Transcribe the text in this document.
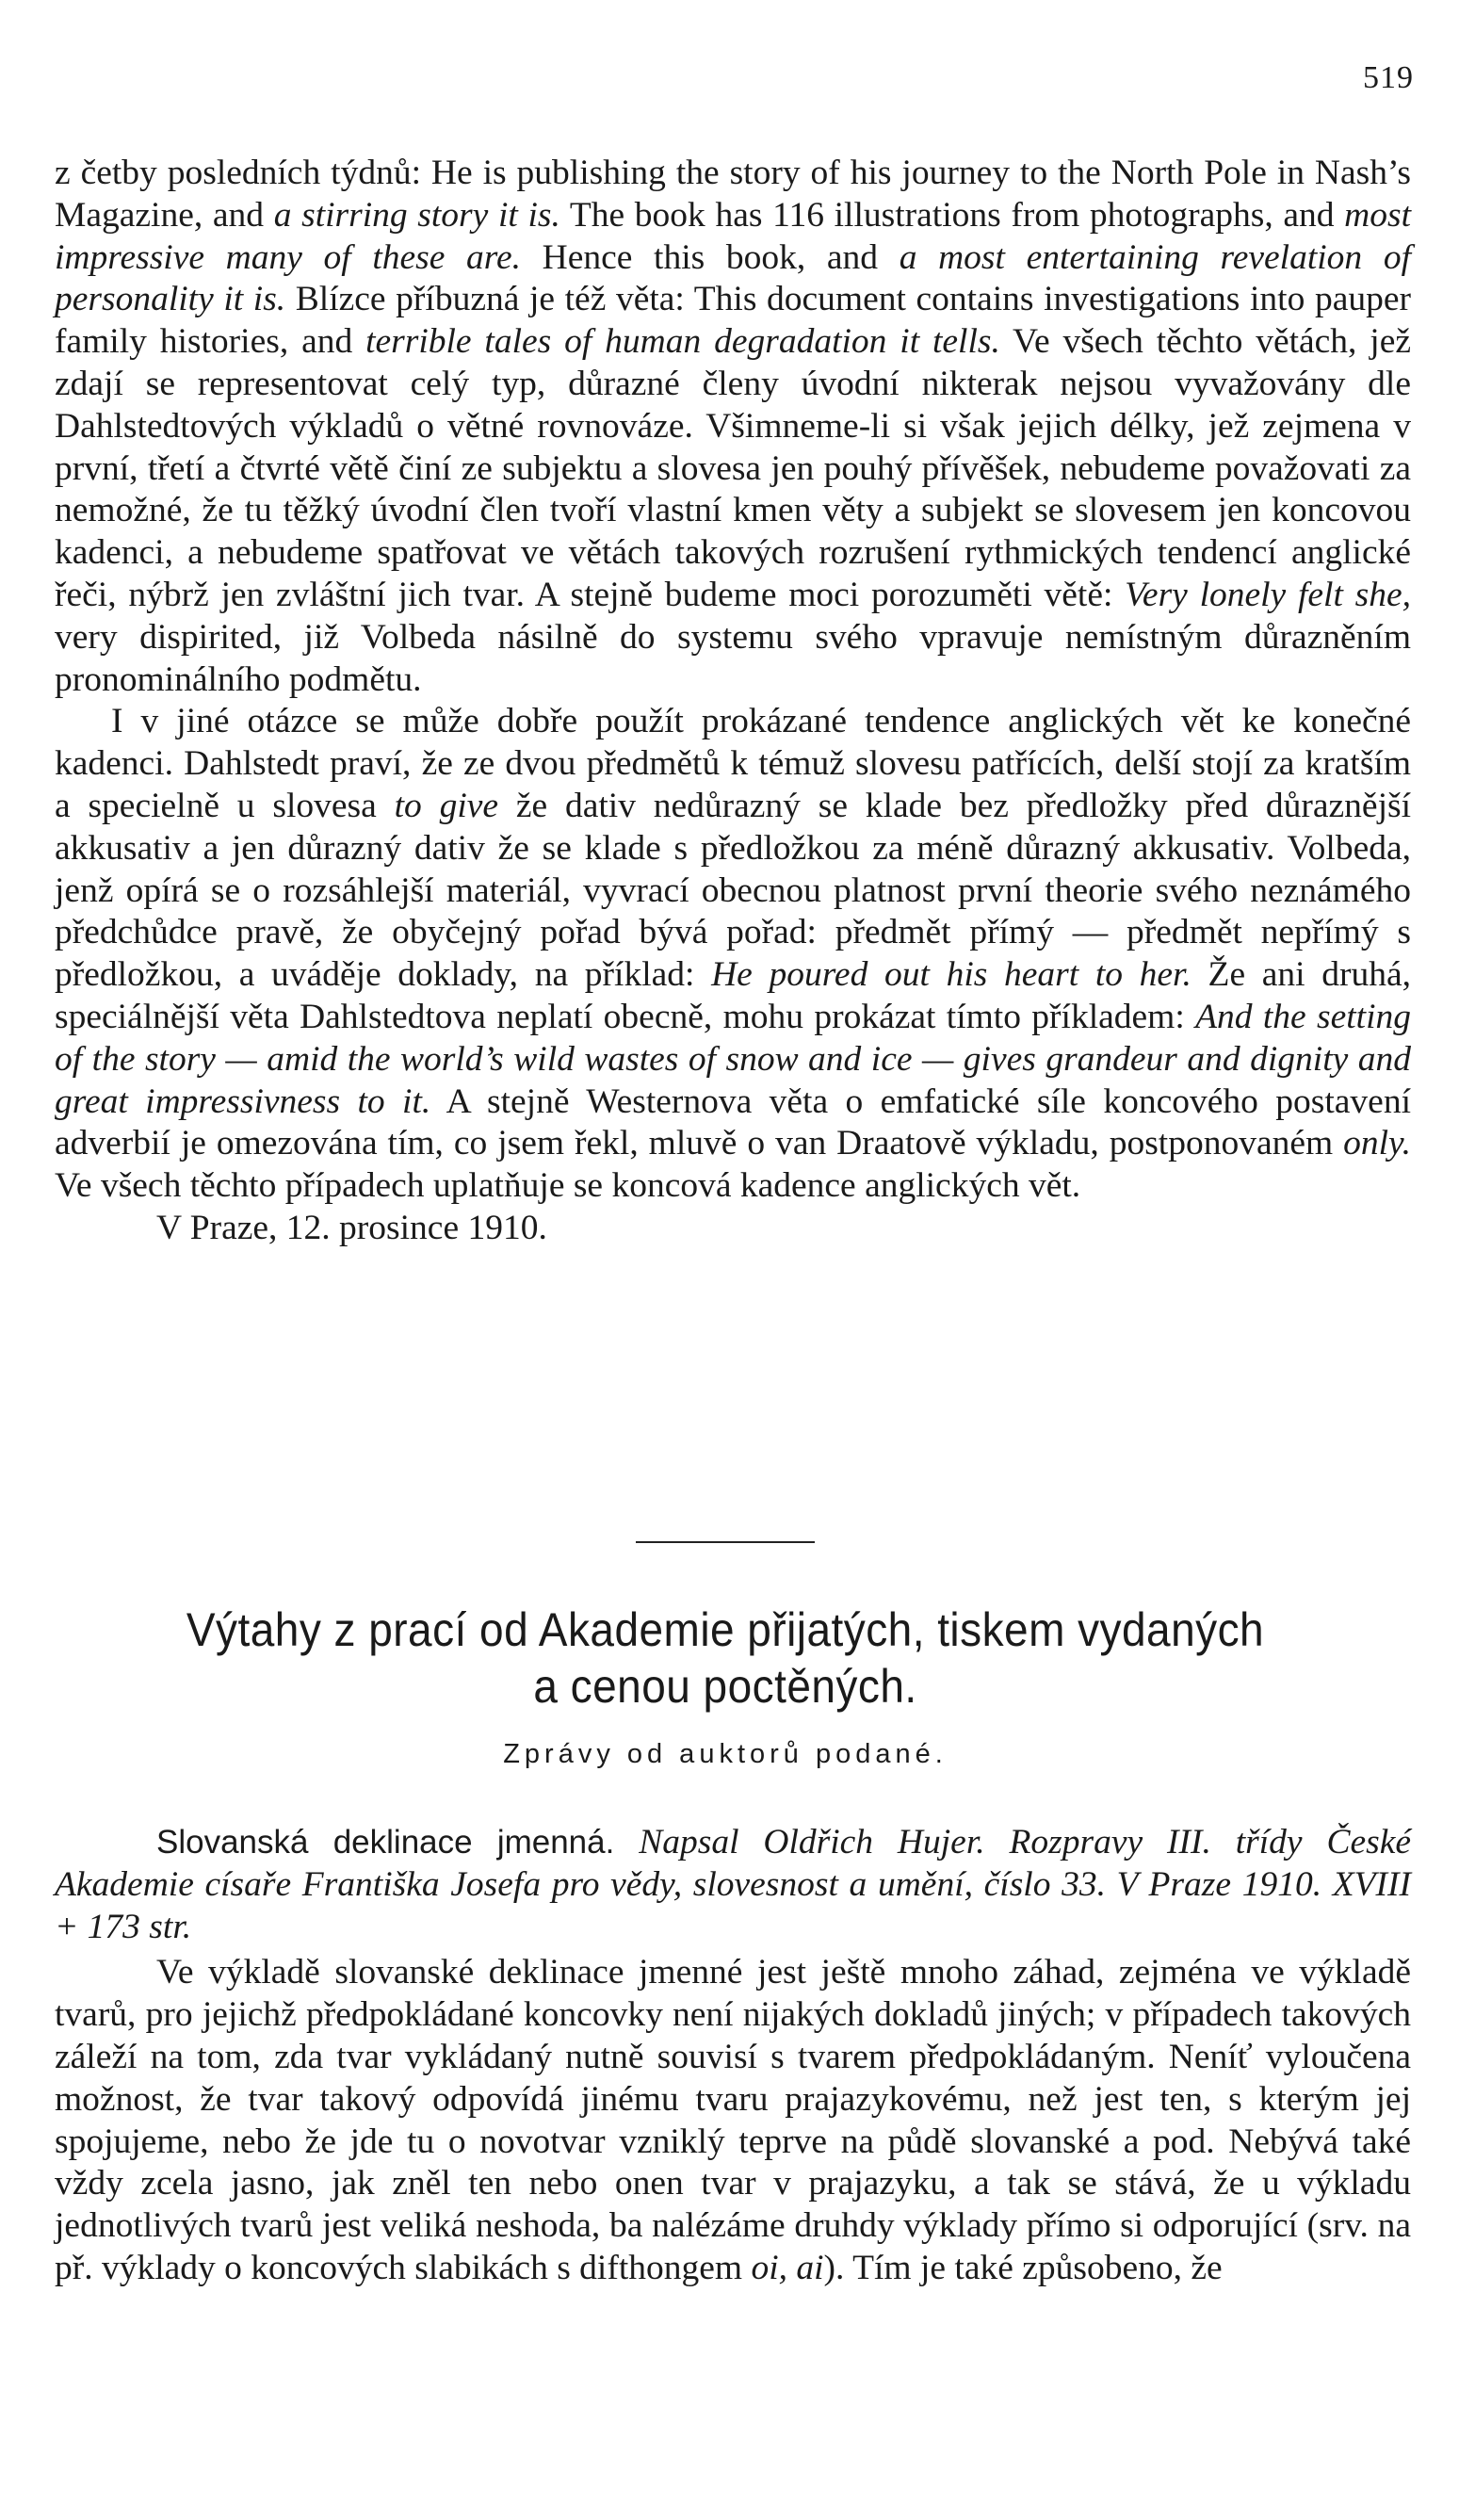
519

z četby posledních týdnů: He is publishing the story of his journey to the North Pole in Nash’s Magazine, and a stirring story it is. The book has 116 illustrations from photographs, and most impressive many of these are. Hence this book, and a most entertaining revelation of personality it is. Blízce příbuzná je též věta: This document contains investigations into pauper family histories, and terrible tales of human degradation it tells. Ve všech těchto větách, jež zdají se representovat celý typ, důrazné členy úvodní nikterak nejsou vyvažovány dle Dahlstedtových výkladů o větné rovnováze. Všimneme-li si však jejich délky, jež zejmena v první, třetí a čtvrté větě činí ze subjektu a slovesa jen pouhý přívěšek, nebudeme považovati za nemožné, že tu těžký úvodní člen tvoří vlastní kmen věty a subjekt se slovesem jen koncovou kadenci, a nebudeme spatřovat ve větách takových rozrušení rythmických tendencí anglické řeči, nýbrž jen zvláštní jich tvar. A stejně budeme moci porozuměti větě: Very lonely felt she, very dispirited, již Volbeda násilně do systemu svého vpravuje nemístným důrazněním pronominálního podmětu.

I v jiné otázce se může dobře použít prokázané tendence anglických vět ke konečné kadenci. Dahlstedt praví, že ze dvou předmětů k témuž slovesu patřících, delší stojí za kratším a specielně u slovesa to give že dativ nedůrazný se klade bez předložky před důraznější akkusativ a jen důrazný dativ že se klade s předložkou za méně důrazný akkusativ. Volbeda, jenž opírá se o rozsáhlejší materiál, vyvrací obecnou platnost první theorie svého neznámého předchůdce pravě, že obyčejný pořad bývá pořad: předmět přímý — předmět nepřímý s předložkou, a uváděje doklady, na příklad: He poured out his heart to her. Že ani druhá, speciálnější věta Dahlstedtova neplatí obecně, mohu prokázat tímto příkladem: And the setting of the story — amid the world’s wild wastes of snow and ice — gives grandeur and dignity and great impressivness to it. A stejně Westernova věta o emfatické síle koncového postavení adverbií je omezována tím, co jsem řekl, mluvě o van Draatově výkladu, postponovaném only. Ve všech těchto případech uplatňuje se koncová kadence anglických vět.

V Praze, 12. prosince 1910.

Výtahy z prací od Akademie přijatých, tiskem vydaných
a cenou poctěných.
Zprávy od auktorů podané.

Slovanská deklinace jmenná. Napsal Oldřich Hujer. Rozpravy III. třídy České Akademie císaře Františka Josefa pro vědy, slovesnost a umění, číslo 33. V Praze 1910. XVIII + 173 str.

Ve výkladě slovanské deklinace jmenné jest ještě mnoho záhad, zejména ve výkladě tvarů, pro jejichž předpokládané koncovky není nijakých dokladů jiných; v případech takových záleží na tom, zda tvar vykládaný nutně souvisí s tvarem předpokládaným. Neníť vyloučena možnost, že tvar takový odpovídá jinému tvaru prajazykovému, než jest ten, s kterým jej spojujeme, nebo že jde tu o novotvar vzniklý teprve na půdě slovanské a pod. Nebývá také vždy zcela jasno, jak zněl ten nebo onen tvar v prajazyku, a tak se stává, že u výkladu jednotlivých tvarů jest veliká neshoda, ba nalézáme druhdy výklady přímo si odporující (srv. na př. výklady o koncových slabikách s difthongem oi, ai). Tím je také způsobeno, že
